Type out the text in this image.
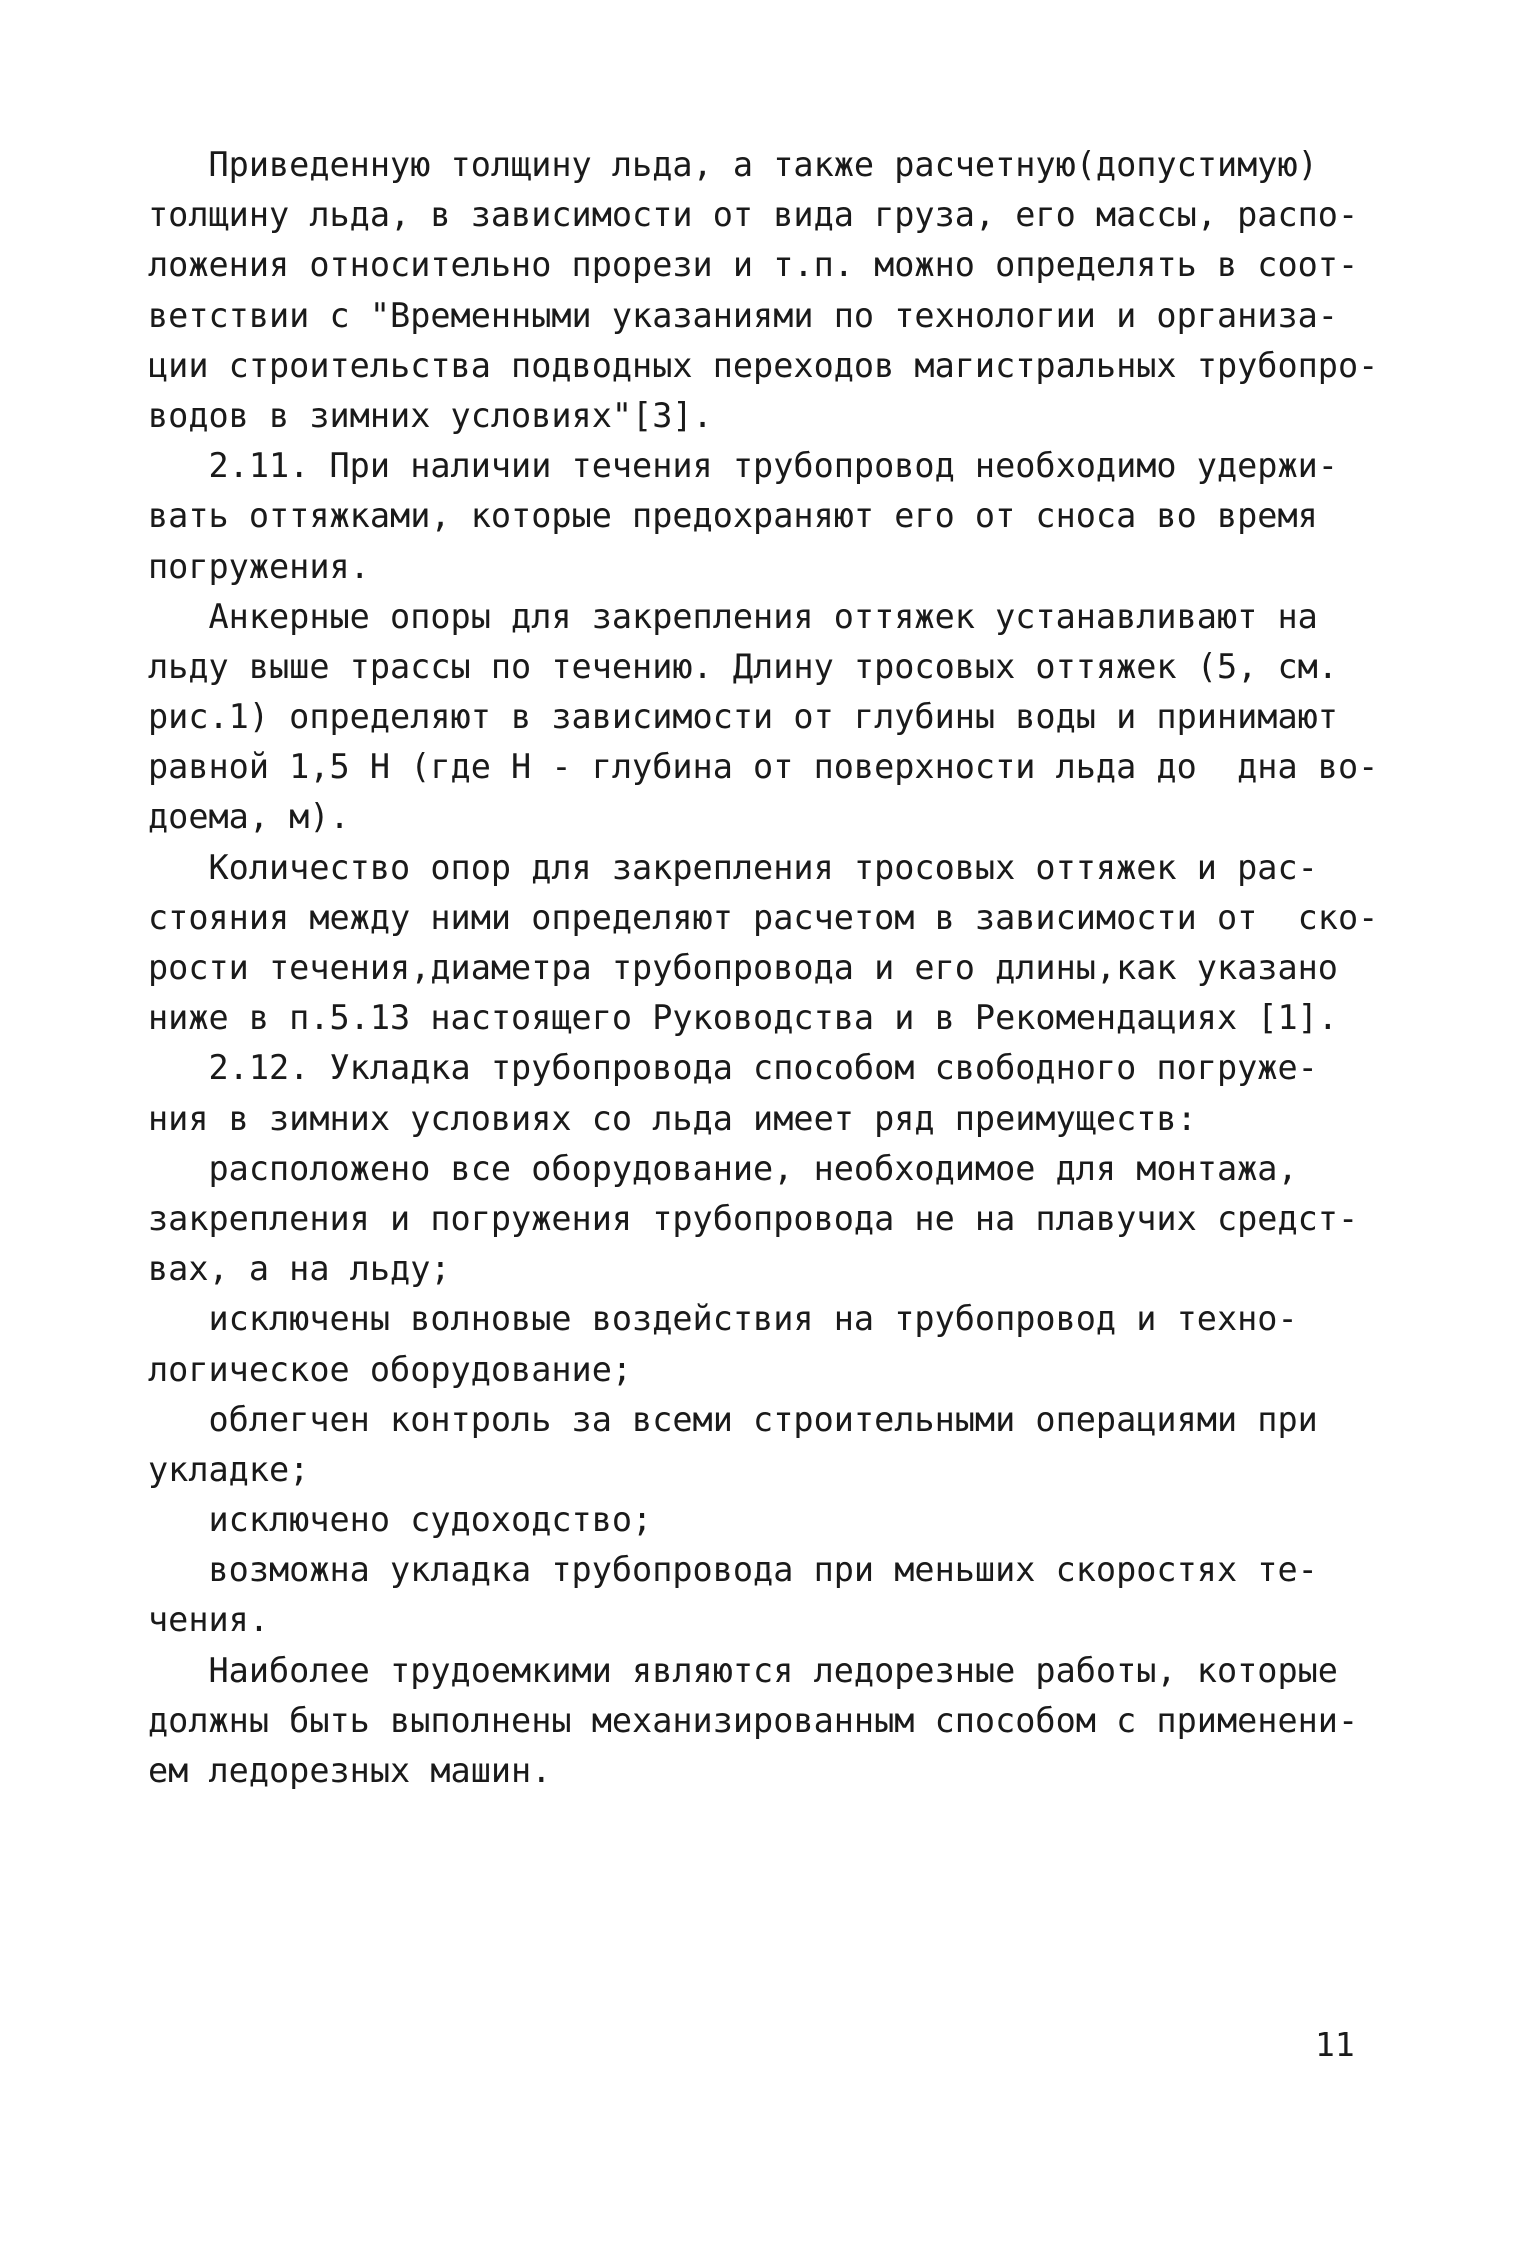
Приведенную толщину льда, а также расчетную(допустимую)
толщину льда, в зависимости от вида груза, его массы, распо-
ложения относительно прорези и т.п. можно определять в соот-
ветствии с "Временными указаниями по технологии и организа-
ции строительства подводных переходов магистральных трубопро-
водов в зимних условиях"[3].
2.11. При наличии течения трубопровод необходимо удержи-
вать оттяжками, которые предохраняют его от сноса во время
погружения.
Анкерные опоры для закрепления оттяжек устанавливают на
льду выше трассы по течению. Длину тросовых оттяжек (5, см.
рис.1) определяют в зависимости от глубины воды и принимают
равной 1,5 Н (где Н - глубина от поверхности льда до  дна во-
доема, м).
Количество опор для закрепления тросовых оттяжек и рас-
стояния между ними определяют расчетом в зависимости от  ско-
рости течения,диаметра трубопровода и его длины,как указано
ниже в п.5.13 настоящего Руководства и в Рекомендациях [1].
2.12. Укладка трубопровода способом свободного погруже-
ния в зимних условиях со льда имеет ряд преимуществ:
расположено все оборудование, необходимое для монтажа,
закрепления и погружения трубопровода не на плавучих средст-
вах, а на льду;
исключены волновые воздействия на трубопровод и техно-
логическое оборудование;
облегчен контроль за всеми строительными операциями при
укладке;
исключено судоходство;
возможна укладка трубопровода при меньших скоростях те-
чения.
Наиболее трудоемкими являются ледорезные работы, которые
должны быть выполнены механизированным способом с применени-
ем ледорезных машин.
11
